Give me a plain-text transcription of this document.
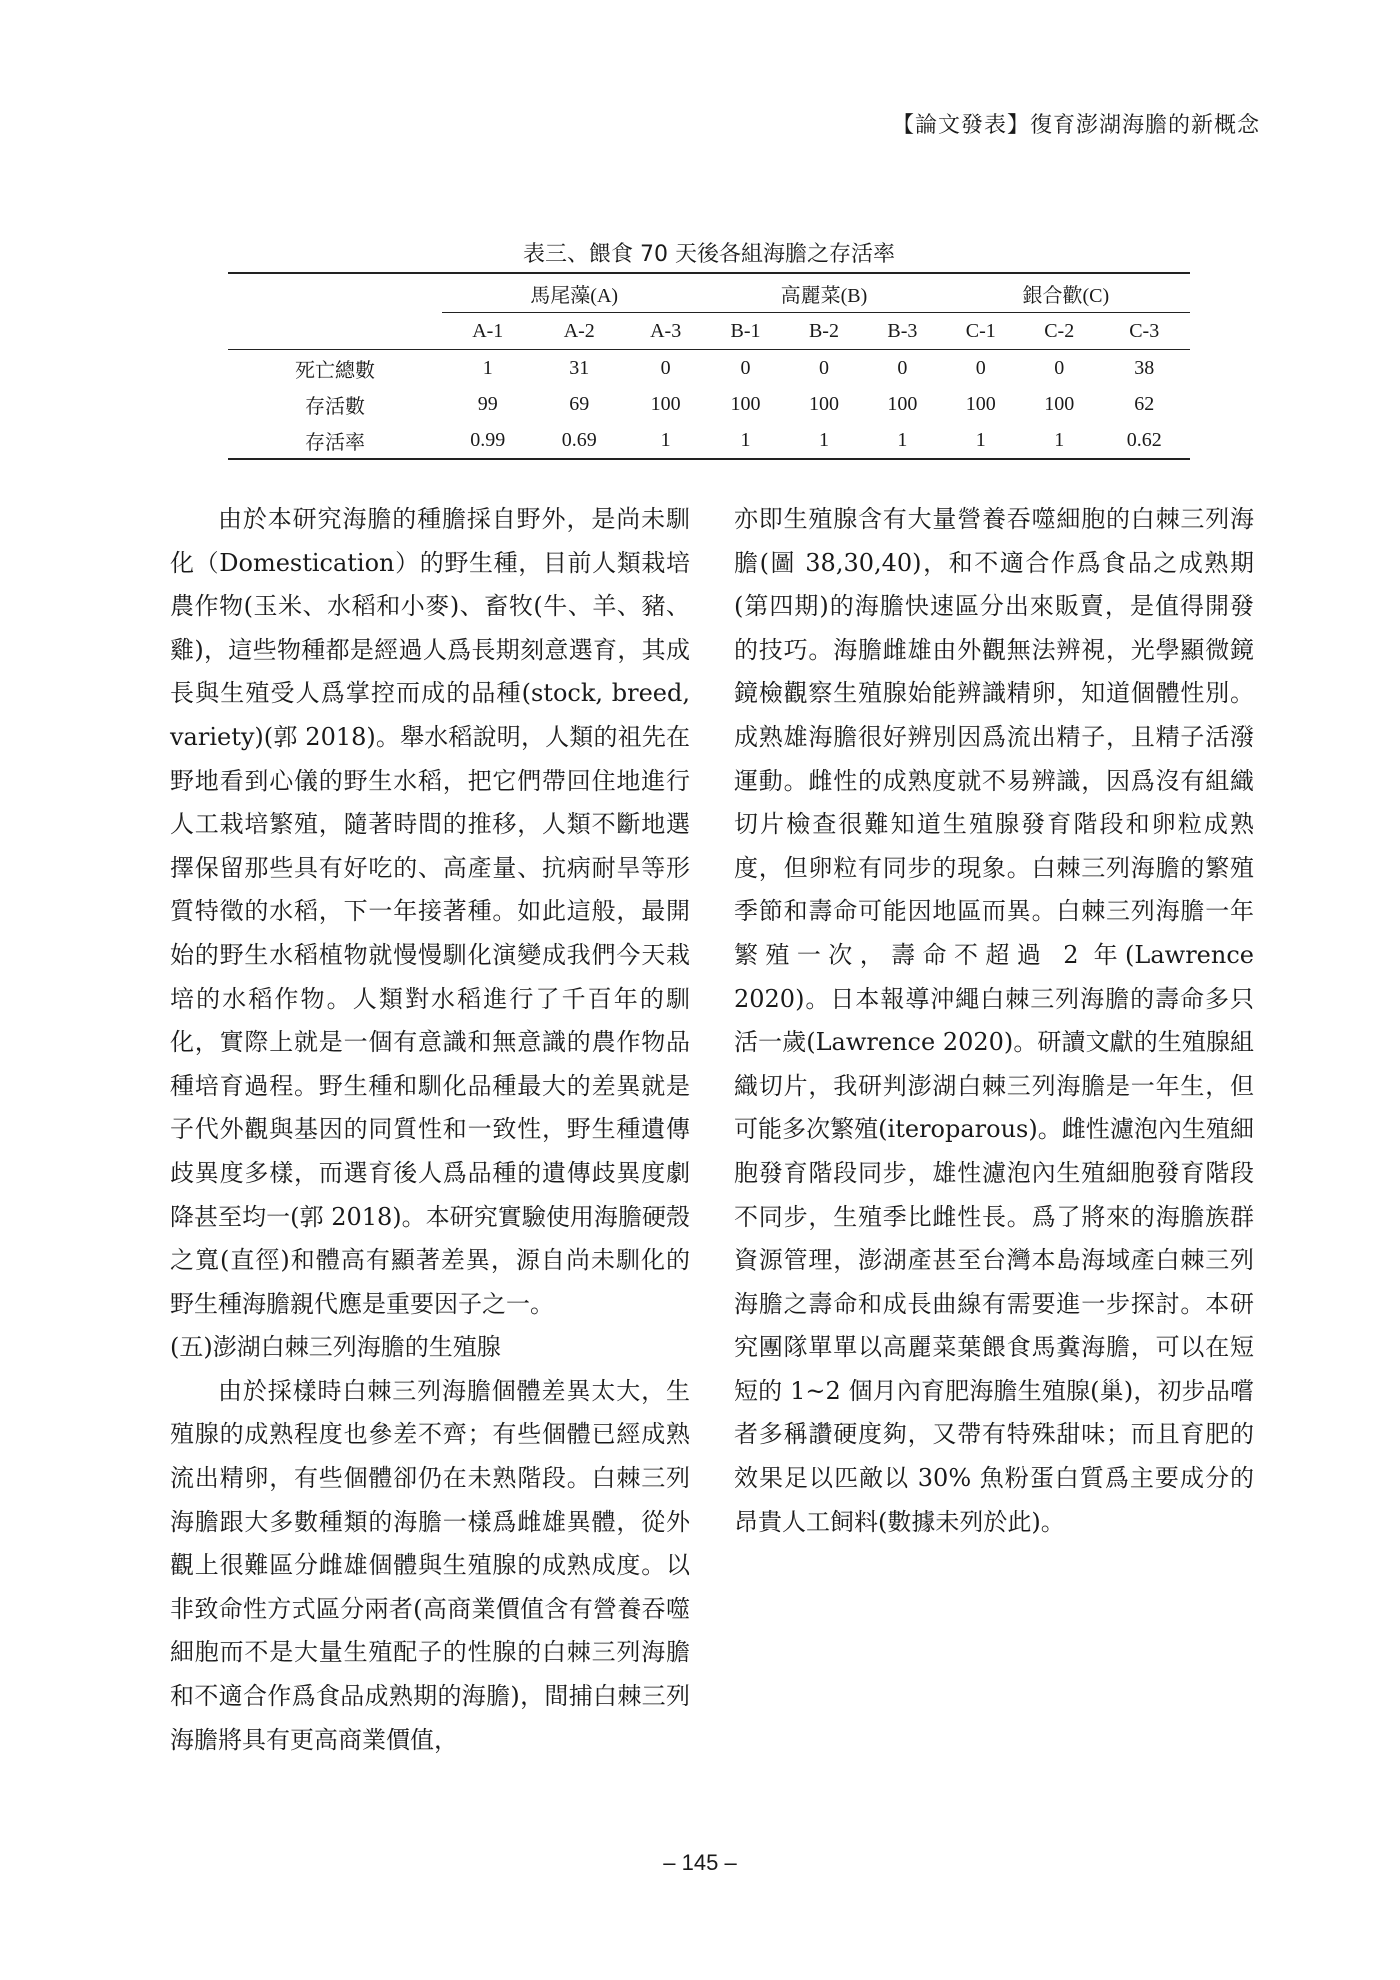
【論文發表】復育澎湖海膽的新概念
表三、餵食 70 天後各組海膽之存活率
	馬尾藻(A)			高麗菜(B)			銀合歡(C)		
	A-1	A-2	A-3	B-1	B-2	B-3	C-1	C-2	C-3
死亡總數	1	31	0	0	0	0	0	0	38
存活數	99	69	100	100	100	100	100	100	62
存活率	0.99	0.69	1	1	1	1	1	1	0.62

由於本研究海膽的種膽採自野外，是尚未馴化（Domestication）的野生種，目前人類栽培農作物(玉米、水稻和小麥)、畜牧(牛、羊、豬、雞)，這些物種都是經過人爲長期刻意選育，其成長與生殖受人爲掌控而成的品種(stock, breed, variety)(郭 2018)。舉水稻說明，人類的祖先在野地看到心儀的野生水稻，把它們帶回住地進行人工栽培繁殖，隨著時間的推移，人類不斷地選擇保留那些具有好吃的、高產量、抗病耐旱等形質特徵的水稻，下一年接著種。如此這般，最開始的野生水稻植物就慢慢馴化演變成我們今天栽培的水稻作物。人類對水稻進行了千百年的馴化，實際上就是一個有意識和無意識的農作物品種培育過程。野生種和馴化品種最大的差異就是子代外觀與基因的同質性和一致性，野生種遺傳歧異度多樣，而選育後人爲品種的遺傳歧異度劇降甚至均一(郭 2018)。本研究實驗使用海膽硬殼之寬(直徑)和體高有顯著差異，源自尚未馴化的野生種海膽親代應是重要因子之一。

(五)澎湖白棘三列海膽的生殖腺

由於採樣時白棘三列海膽個體差異太大，生殖腺的成熟程度也參差不齊；有些個體已經成熟流出精卵，有些個體卻仍在未熟階段。白棘三列海膽跟大多數種類的海膽一樣爲雌雄異體，從外觀上很難區分雌雄個體與生殖腺的成熟成度。以非致命性方式區分兩者(高商業價值含有營養吞噬細胞而不是大量生殖配子的性腺的白棘三列海膽和不適合作爲食品成熟期的海膽)，間捕白棘三列海膽將具有更高商業價值，

亦即生殖腺含有大量營養吞噬細胞的白棘三列海膽(圖 38,30,40)，和不適合作爲食品之成熟期(第四期)的海膽快速區分出來販賣，是值得開發的技巧。海膽雌雄由外觀無法辨視，光學顯微鏡鏡檢觀察生殖腺始能辨識精卵，知道個體性別。成熟雄海膽很好辨別因爲流出精子，且精子活潑運動。雌性的成熟度就不易辨識，因爲沒有組織切片檢查很難知道生殖腺發育階段和卵粒成熟度，但卵粒有同步的現象。白棘三列海膽的繁殖季節和壽命可能因地區而異。白棘三列海膽一年繁殖一次，壽命不超過 2 年(Lawrence 2020)。日本報導沖繩白棘三列海膽的壽命多只活一歲(Lawrence 2020)。研讀文獻的生殖腺組織切片，我研判澎湖白棘三列海膽是一年生，但可能多次繁殖(iteroparous)。雌性濾泡內生殖細胞發育階段同步，雄性濾泡內生殖細胞發育階段不同步，生殖季比雌性長。爲了將來的海膽族群資源管理，澎湖產甚至台灣本島海域產白棘三列海膽之壽命和成長曲線有需要進一步探討。本研究團隊單單以高麗菜葉餵食馬糞海膽，可以在短短的 1~2 個月內育肥海膽生殖腺(巢)，初步品嚐者多稱讚硬度夠，又帶有特殊甜味；而且育肥的效果足以匹敵以 30% 魚粉蛋白質爲主要成分的昂貴人工飼料(數據未列於此)。

– 145 –
